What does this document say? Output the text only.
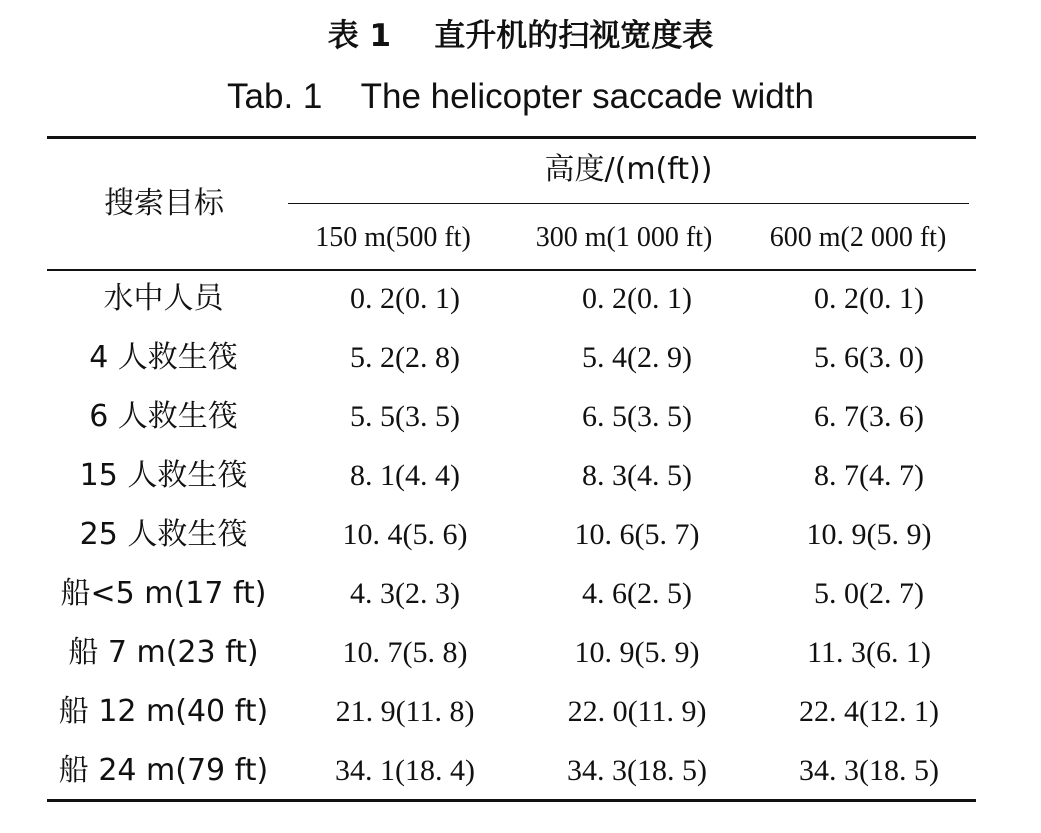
表 1    直升机的扫视宽度表
Tab. 1    The helicopter saccade width
搜索目标
高度/(m(ft))
150 m(500 ft)	300 m(1 000 ft)	600 m(2 000 ft)
水中人员	0. 2(0. 1)	0. 2(0. 1)	0. 2(0. 1)
4 人救生筏	5. 2(2. 8)	5. 4(2. 9)	5. 6(3. 0)
6 人救生筏	5. 5(3. 5)	6. 5(3. 5)	6. 7(3. 6)
15 人救生筏	8. 1(4. 4)	8. 3(4. 5)	8. 7(4. 7)
25 人救生筏	10. 4(5. 6)	10. 6(5. 7)	10. 9(5. 9)
船<5 m(17 ft)	4. 3(2. 3)	4. 6(2. 5)	5. 0(2. 7)
船 7 m(23 ft)	10. 7(5. 8)	10. 9(5. 9)	11. 3(6. 1)
船 12 m(40 ft)	21. 9(11. 8)	22. 0(11. 9)	22. 4(12. 1)
船 24 m(79 ft)	34. 1(18. 4)	34. 3(18. 5)	34. 3(18. 5)
